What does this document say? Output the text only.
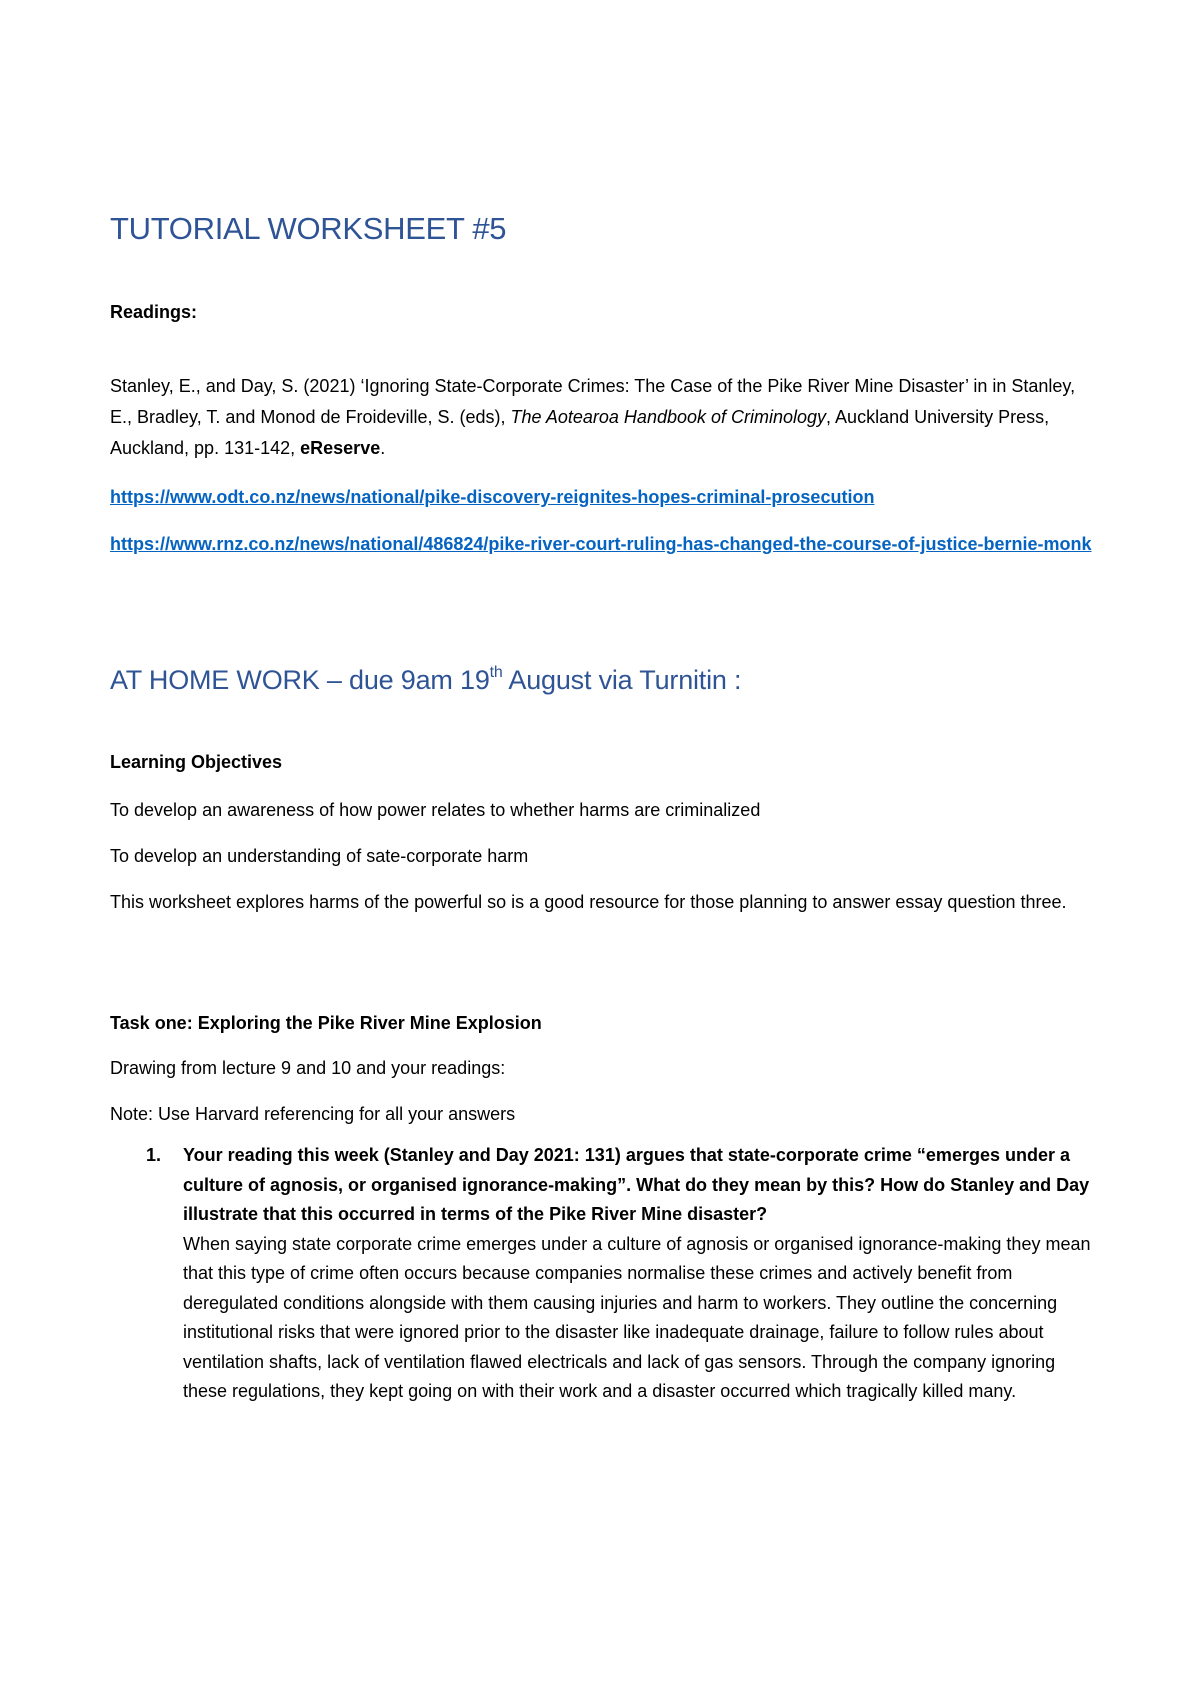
TUTORIAL WORKSHEET #5

Readings:

Stanley, E., and Day, S. (2021) ‘Ignoring State-Corporate Crimes: The Case of the Pike River Mine Disaster’ in in Stanley, E., Bradley, T. and Monod de Froideville, S. (eds), The Aotearoa Handbook of Criminology, Auckland University Press, Auckland, pp. 131-142, eReserve.

https://www.odt.co.nz/news/national/pike-discovery-reignites-hopes-criminal-prosecution
https://www.rnz.co.nz/news/national/486824/pike-river-court-ruling-has-changed-the-course-of-justice-bernie-monk
AT HOME WORK – due 9am 19th August via Turnitin :

Learning Objectives

To develop an awareness of how power relates to whether harms are criminalized

To develop an understanding of sate-corporate harm

This worksheet explores harms of the powerful so is a good resource for those planning to answer essay question three.

Task one: Exploring the Pike River Mine Explosion

Drawing from lecture 9 and 10 and your readings:

Note: Use Harvard referencing for all your answers

1. Your reading this week (Stanley and Day 2021: 131) argues that state-corporate crime “emerges under a culture of agnosis, or organised ignorance-making”. What do they mean by this? How do Stanley and Day illustrate that this occurred in terms of the Pike River Mine disaster?

When saying state corporate crime emerges under a culture of agnosis or organised ignorance-making they mean that this type of crime often occurs because companies normalise these crimes and actively benefit from deregulated conditions alongside with them causing injuries and harm to workers. They outline the concerning institutional risks that were ignored prior to the disaster like inadequate drainage, failure to follow rules about ventilation shafts, lack of ventilation flawed electricals and lack of gas sensors. Through the company ignoring these regulations, they kept going on with their work and a disaster occurred which tragically killed many.
